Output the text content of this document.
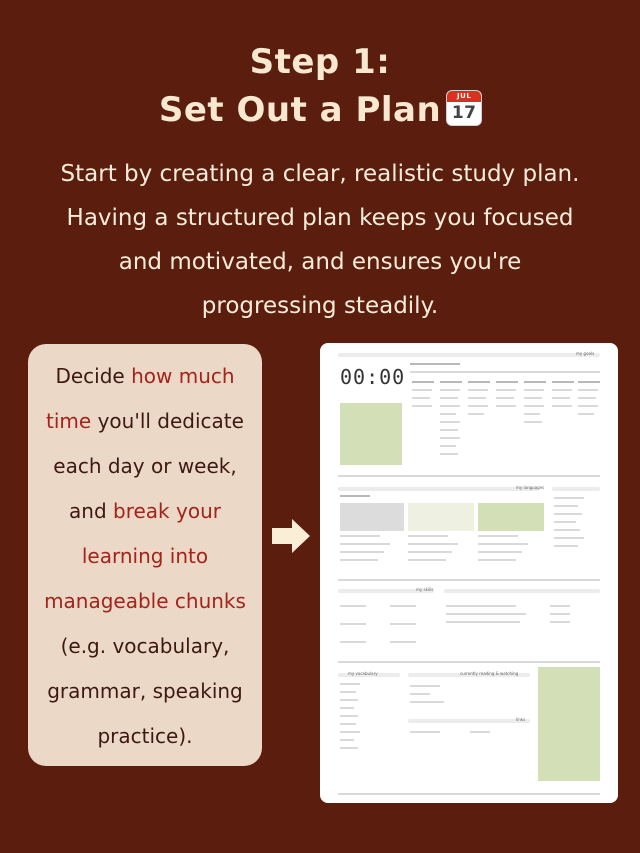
Step 1:
Set Out a Plan	JUL
17
Start by creating a clear, realistic study plan.
Having a structured plan keeps you focused
and motivated, and ensures you're
progressing steadily.
Decide how much
time you'll dedicate
each day or week,
and break your
learning into
manageable chunks
(e.g. vocabulary,
grammar, speaking
practice).
my goals
00:00
my languages
my skills
my vocabulary	currently reading & watching
links
